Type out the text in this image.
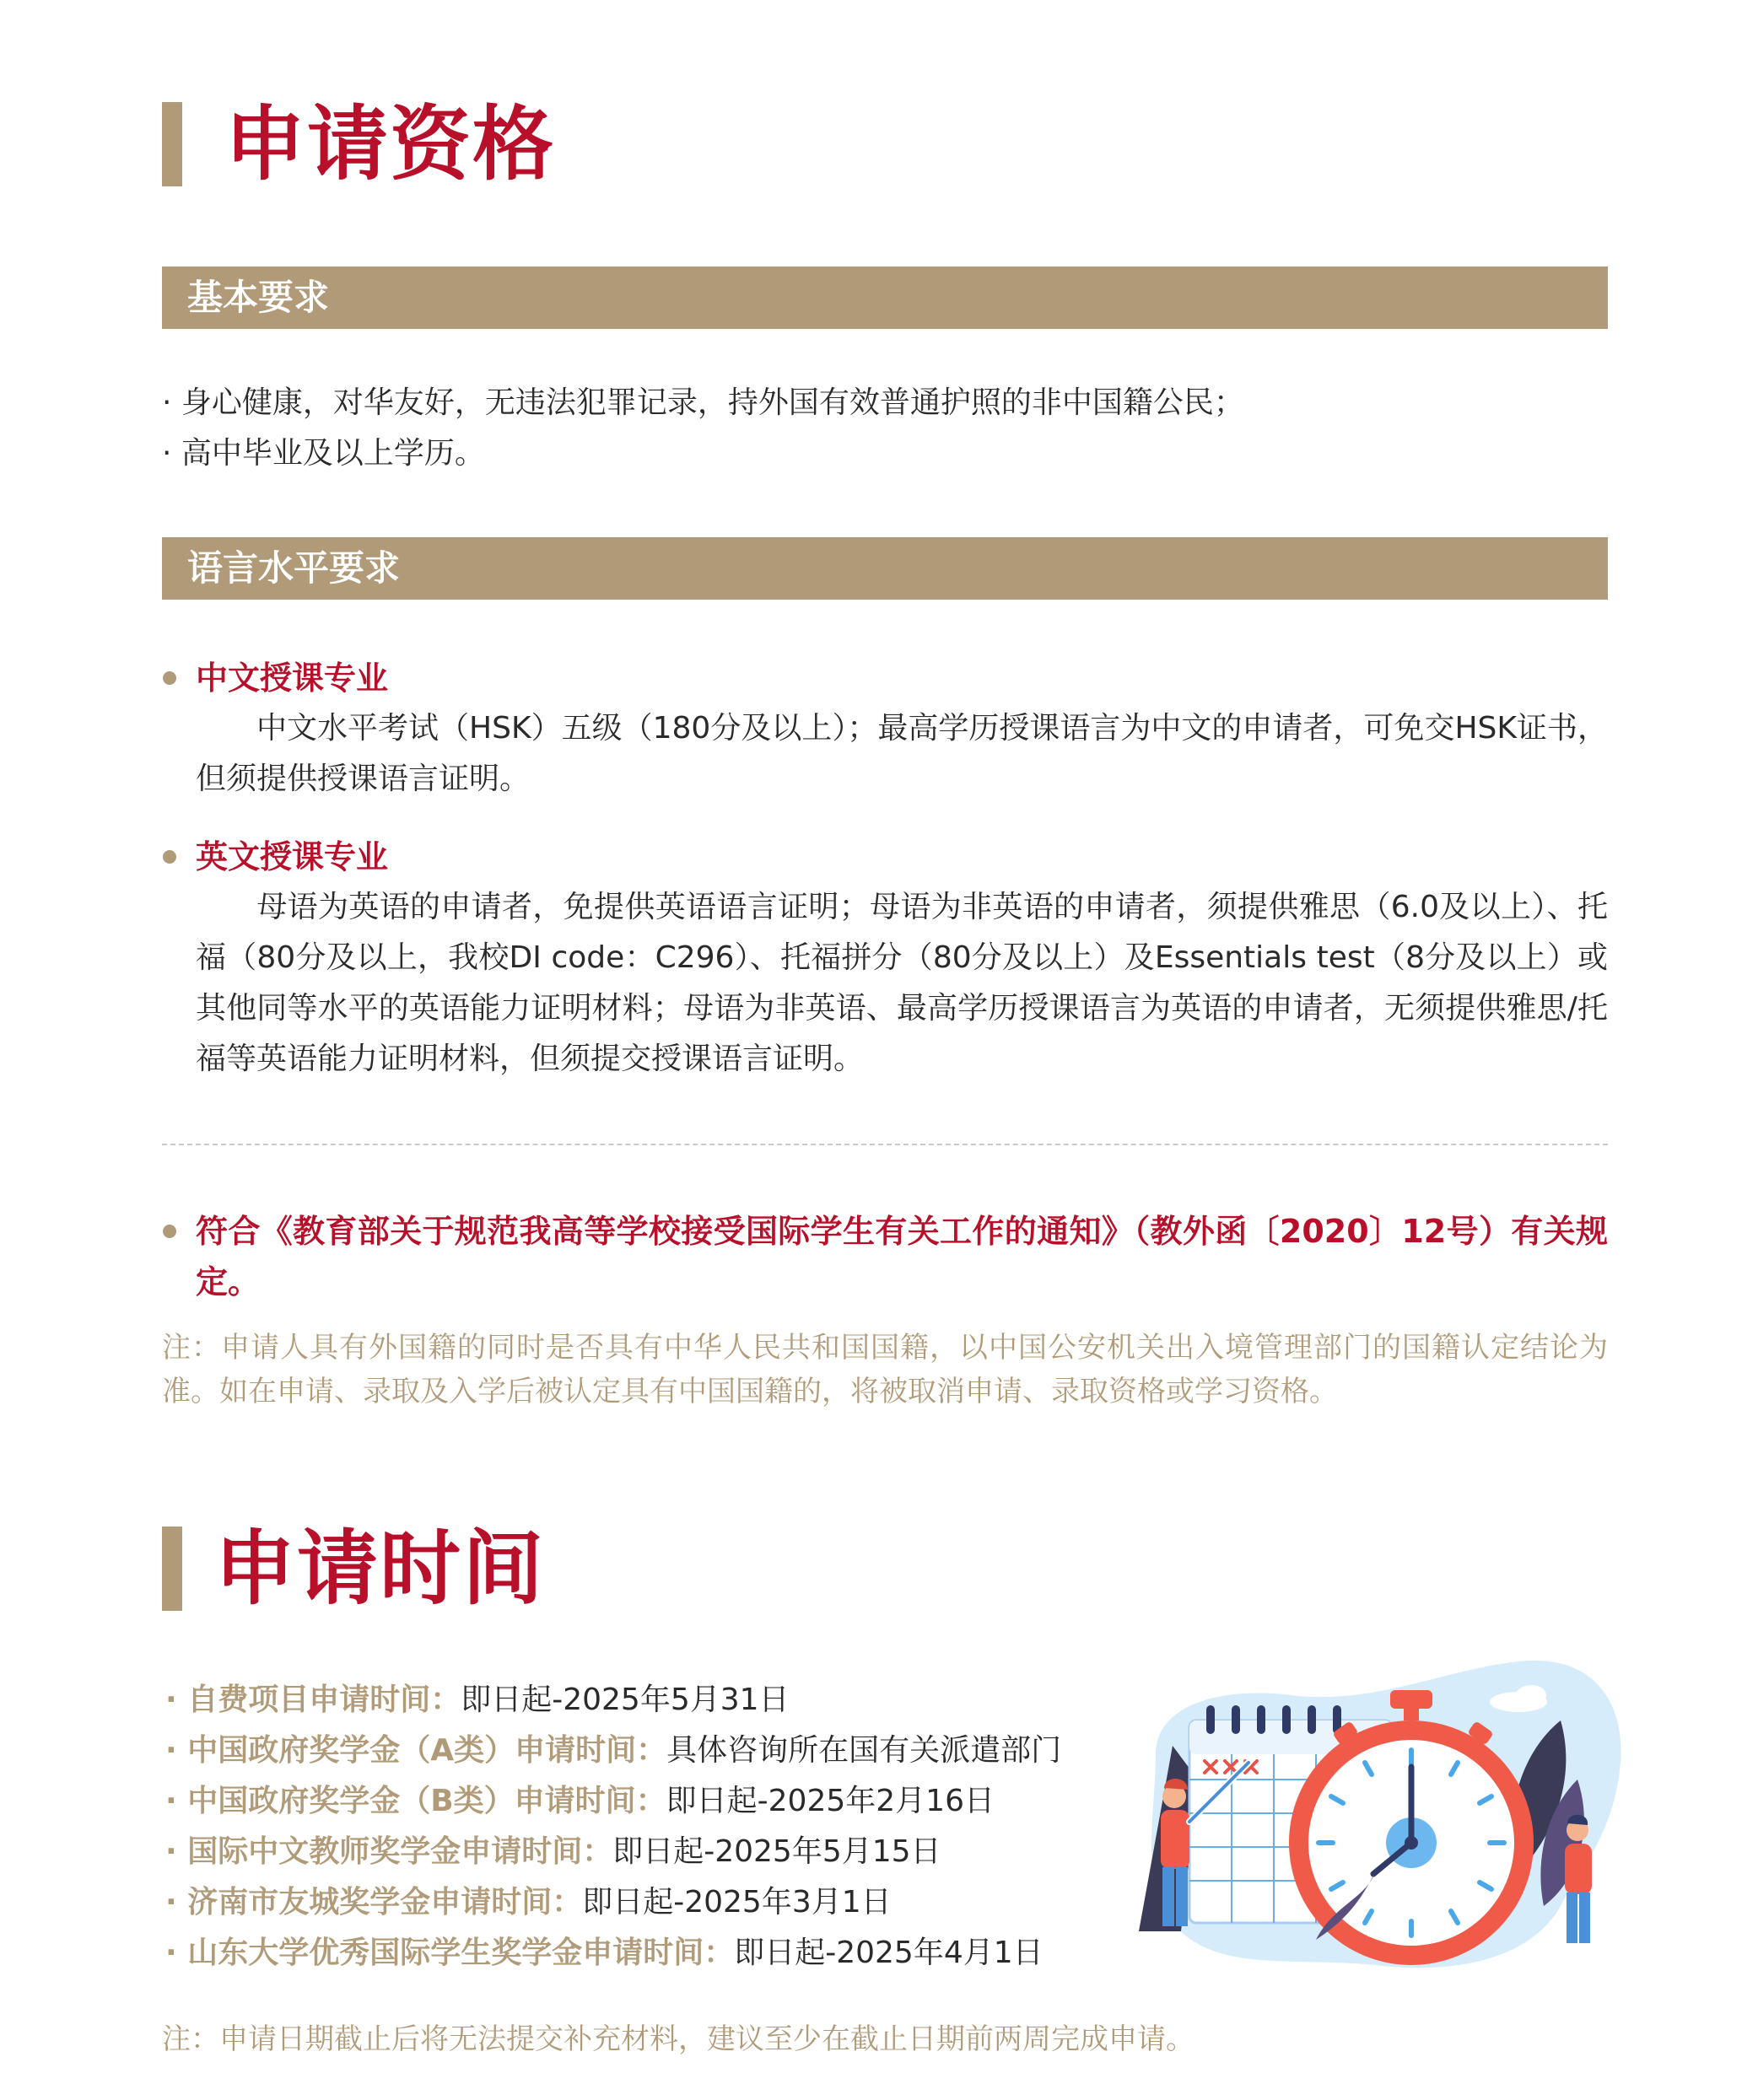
申请资格
基本要求
· 身心健康，对华友好，无违法犯罪记录，持外国有效普通护照的非中国籍公民；
· 高中毕业及以上学历。
语言水平要求
中文授课专业
中文水平考试（HSK）五级（180分及以上）；最高学历授课语言为中文的申请者，可免交HSK证书，但须提供授课语言证明。
英文授课专业
母语为英语的申请者，免提供英语语言证明；母语为非英语的申请者，须提供雅思（6.0及以上）、托福（80分及以上，我校DI code：C296）、托福拼分（80分及以上）及Essentials test（8分及以上）或其他同等水平的英语能力证明材料；母语为非英语、最高学历授课语言为英语的申请者，无须提供雅思/托福等英语能力证明材料，但须提交授课语言证明。
符合《教育部关于规范我高等学校接受国际学生有关工作的通知》（教外函〔2020〕12号）有关规定。
注：申请人具有外国籍的同时是否具有中华人民共和国国籍，以中国公安机关出入境管理部门的国籍认定结论为准。如在申请、录取及入学后被认定具有中国国籍的，将被取消申请、录取资格或学习资格。
申请时间
· 自费项目申请时间：即日起-2025年5月31日
· 中国政府奖学金（A类）申请时间：具体咨询所在国有关派遣部门
· 中国政府奖学金（B类）申请时间：即日起-2025年2月16日
· 国际中文教师奖学金申请时间：即日起-2025年5月15日
· 济南市友城奖学金申请时间：即日起-2025年3月1日
· 山东大学优秀国际学生奖学金申请时间：即日起-2025年4月1日
注：申请日期截止后将无法提交补充材料，建议至少在截止日期前两周完成申请。
